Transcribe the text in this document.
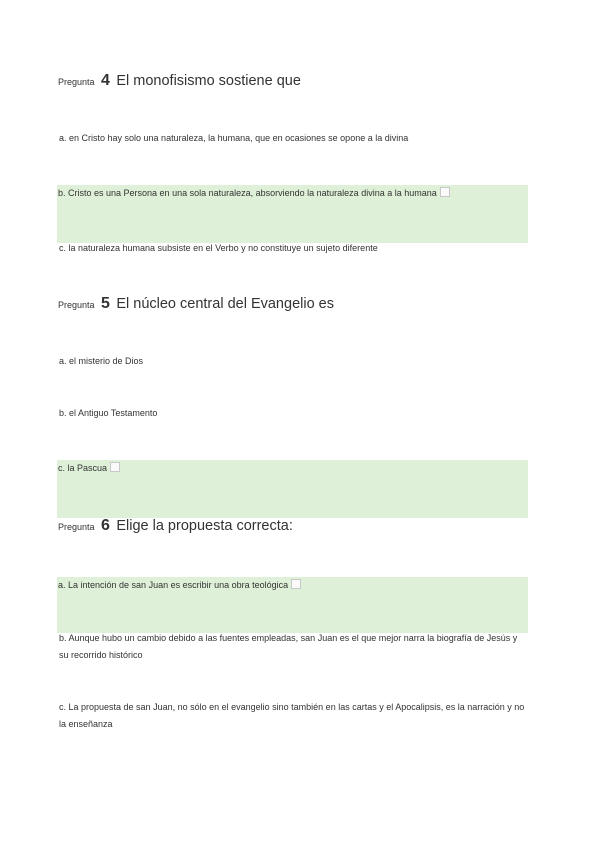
Pregunta 4 El monofisismo sostiene que
a. en Cristo hay solo una naturaleza, la humana, que en ocasiones se opone a la divina
b. Cristo es una Persona en una sola naturaleza, absorviendo la naturaleza divina a la humana
c. la naturaleza humana subsiste en el Verbo y no constituye un sujeto diferente
Pregunta 5 El núcleo central del Evangelio es
a. el misterio de Dios
b. el Antiguo Testamento
c. la Pascua
Pregunta 6 Elige la propuesta correcta:
a. La intención de san Juan es escribir una obra teológica
b. Aunque hubo un cambio debido a las fuentes empleadas, san Juan es el que mejor narra la biografía de Jesús y su recorrido histórico
c. La propuesta de san Juan, no sólo en el evangelio sino también en las cartas y el Apocalipsis, es la narración y no la enseñanza
